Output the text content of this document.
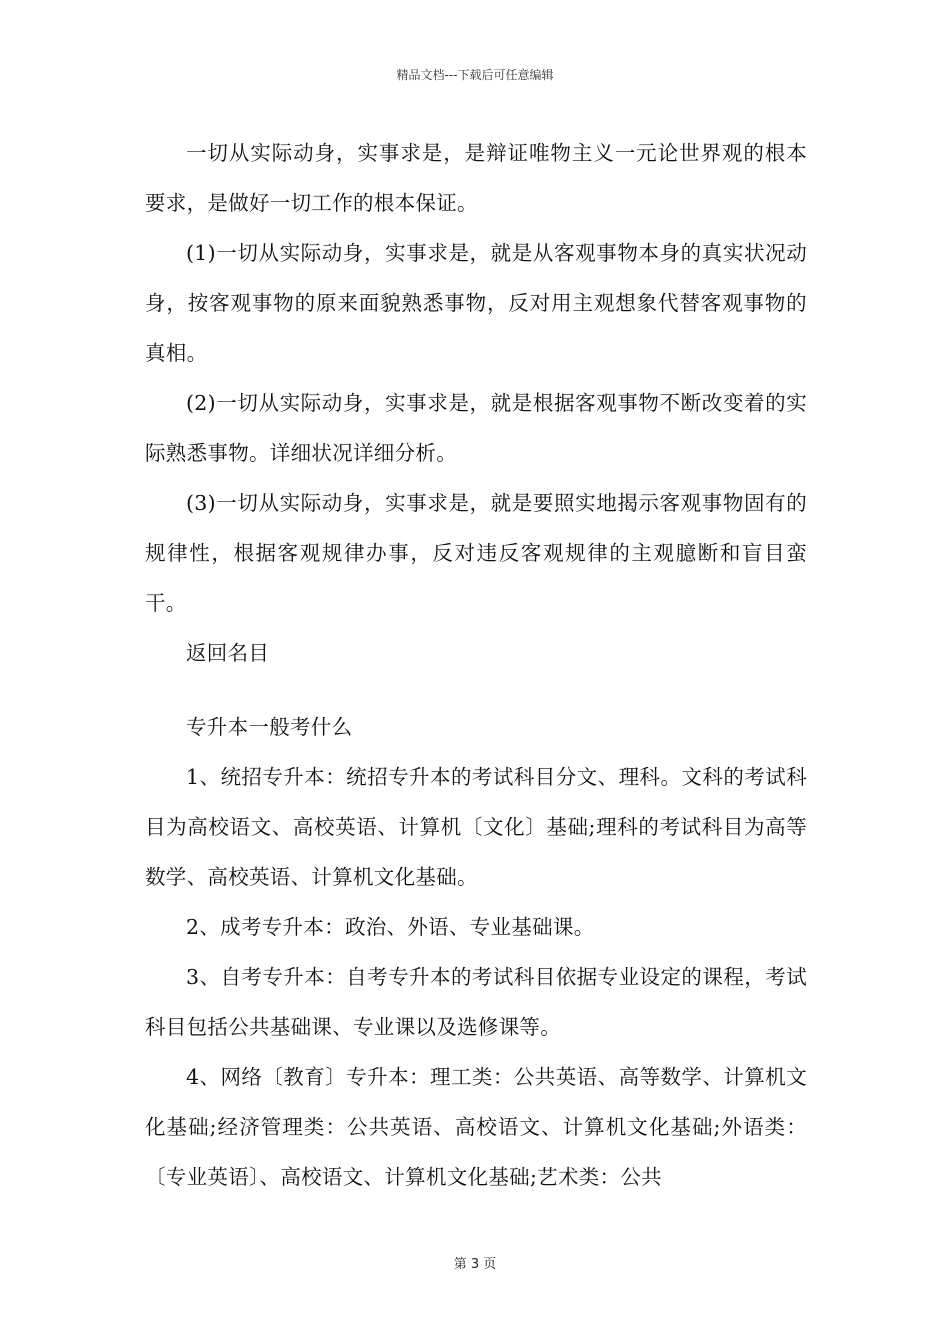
精品文档---下载后可任意编辑

一切从实际动身，实事求是，是辩证唯物主义一元论世界观的根本要求，是做好一切工作的根本保证。

(1)一切从实际动身，实事求是，就是从客观事物本身的真实状况动身，按客观事物的原来面貌熟悉事物，反对用主观想象代替客观事物的真相。

(2)一切从实际动身，实事求是，就是根据客观事物不断改变着的实际熟悉事物。详细状况详细分析。

(3)一切从实际动身，实事求是，就是要照实地揭示客观事物固有的规律性，根据客观规律办事，反对违反客观规律的主观臆断和盲目蛮干。

返回名目

专升本一般考什么

1、统招专升本：统招专升本的考试科目分文、理科。文科的考试科目为高校语文、高校英语、计算机〔文化〕基础;理科的考试科目为高等数学、高校英语、计算机文化基础。

2、成考专升本：政治、外语、专业基础课。

3、自考专升本：自考专升本的考试科目依据专业设定的课程，考试科目包括公共基础课、专业课以及选修课等。

4、网络〔教育〕专升本：理工类：公共英语、高等数学、计算机文化基础;经济管理类：公共英语、高校语文、计算机文化基础;外语类：〔专业英语〕、高校语文、计算机文化基础;艺术类：公共

第 3 页
